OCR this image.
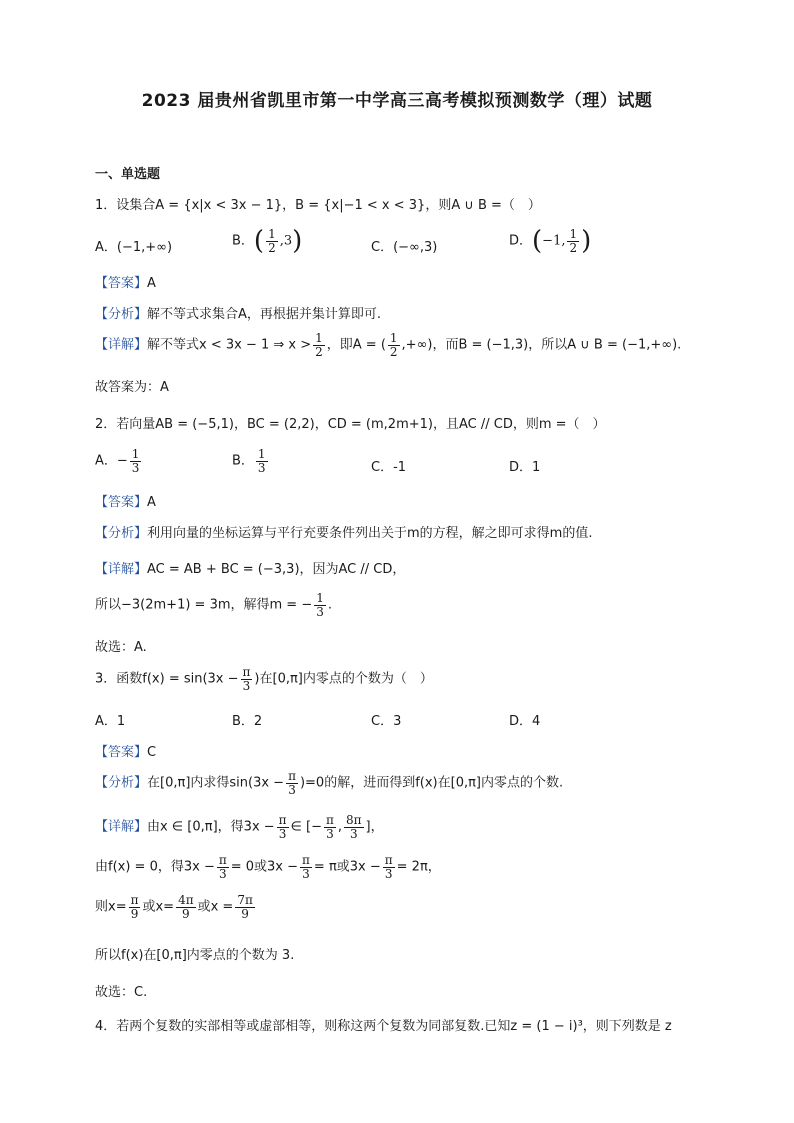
2023 届贵州省凯里市第一中学高三高考模拟预测数学（理）试题
一、单选题
1．设集合A = {x|x < 3x − 1}，B = {x|−1 < x < 3}，则A ∪ B =（　）
A．(−1,+∞)	B．( $\frac{1}{2} ,3$)	C．(−∞,3)	D．(−1, $\frac{1}{2}$ )
【答案】A
【分析】解不等式求集合A，再根据并集计算即可.
【详解】解不等式x < 3x − 1 ⇒ $x > \frac{1}{2}$ ，即A = ( $\frac{1}{2}$ ,+∞)，而B = (−1,3)，所以A ∪ B = (−1,+∞).
故答案为：A
2．若向量AB = (−5,1)，BC = (2,2)，CD = (m,2m+1)，且AC // CD，则m =（　）
A．− $\frac{1}{3}$	B． $\frac{1}{3}$	C．-1	D．1
【答案】A
【分析】利用向量的坐标运算与平行充要条件列出关于m的方程，解之即可求得m的值.
【详解】AC = AB + BC = (−3,3)，因为AC // CD，
所以−3(2m+1) = 3m，解得m = − $\frac{1}{3}$ .
故选：A.
3．函数$f(x) = \sin(3x - \frac{\pi}{3}$ )在[0,π]内零点的个数为（　）
A．1	B．2	C．3	D．4
【答案】C
【分析】在[0,π]内求得$\sin(3x - \frac{\pi}{3} )=0$的解，进而得到f(x)在[0,π]内零点的个数.
【详解】由x ∈ [0,π]，得$3x - \frac{\pi}{3}$ ∈ [− $\frac{\pi}{3}$ , $\frac{8\pi}{3}$ ]，
由f(x) = 0，得$3x - \frac{\pi}{3} = 0$或$3x - \frac{\pi}{3} = \pi$或$3x - \frac{\pi}{3} = 2\pi$，
则$x= \frac{\pi}{9}$ 或$x= \frac{4\pi}{9}$ 或$x = \frac{7\pi}{9}$
所以f(x)在[0,π]内零点的个数为 3.
故选：C.
4．若两个复数的实部相等或虚部相等，则称这两个复数为同部复数.已知z = (1 − i)³，则下列数是 z
